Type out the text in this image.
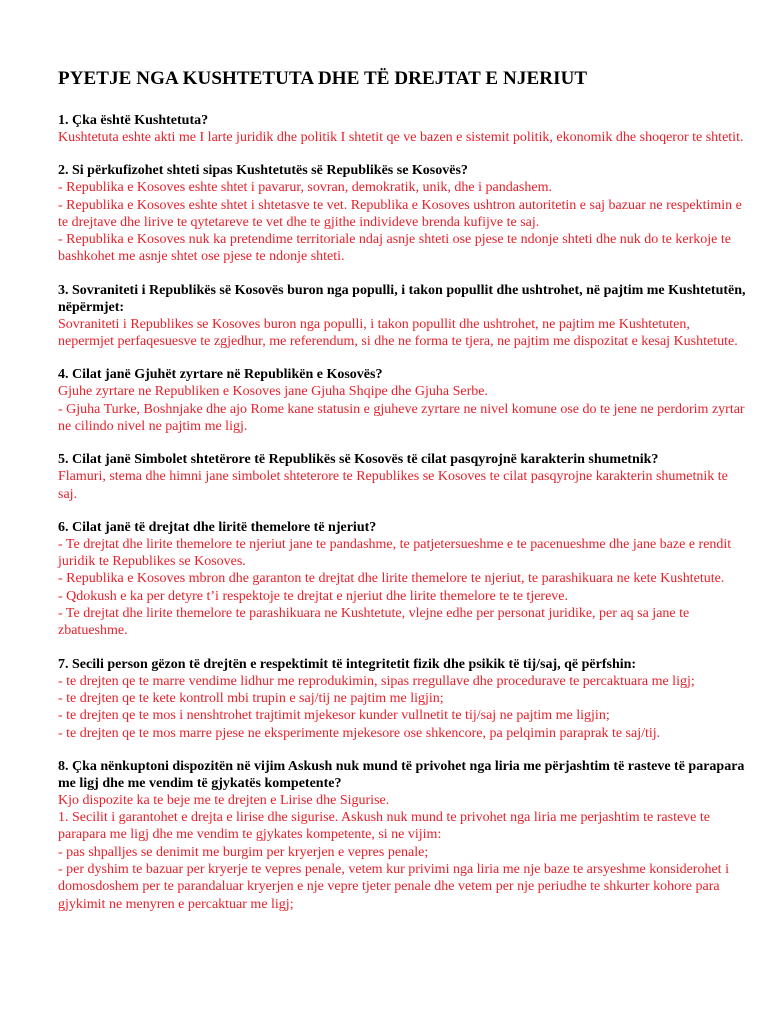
PYETJE NGA KUSHTETUTA DHE TË DREJTAT E NJERIUT

1. Çka është Kushtetuta?

Kushtetuta eshte akti me I larte juridik dhe politik I shtetit qe ve bazen e sistemit politik, ekonomik dhe shoqeror te shtetit.

2. Si përkufizohet shteti sipas Kushtetutës së Republikës se Kosovës?

- Republika e Kosoves eshte shtet i pavarur, sovran, demokratik, unik, dhe i pandashem.

- Republika e Kosoves eshte shtet i shtetasve te vet. Republika e Kosoves ushtron autoritetin e saj bazuar ne respektimin e te drejtave dhe lirive te qytetareve te vet dhe te gjithe individeve brenda kufijve te saj.

- Republika e Kosoves nuk ka pretendime territoriale ndaj asnje shteti ose pjese te ndonje shteti dhe nuk do te kerkoje te bashkohet me asnje shtet ose pjese te ndonje shteti.

3. Sovraniteti i Republikës së Kosovës buron nga populli, i takon popullit dhe ushtrohet, në pajtim me Kushtetutën, nëpërmjet:

Sovraniteti i Republikes se Kosoves buron nga populli, i takon popullit dhe ushtrohet, ne pajtim me Kushtetuten, nepermjet perfaqesuesve te zgjedhur, me referendum, si dhe ne forma te tjera, ne pajtim me dispozitat e kesaj Kushtetute.

4. Cilat janë Gjuhët zyrtare në Republikën e Kosovës?

Gjuhe zyrtare ne Republiken e Kosoves jane Gjuha Shqipe dhe Gjuha Serbe.

- Gjuha Turke, Boshnjake dhe ajo Rome kane statusin e gjuheve zyrtare ne nivel komune ose do te jene ne perdorim zyrtar ne cilindo nivel ne pajtim me ligj.

5. Cilat janë Simbolet shtetërore të Republikës së Kosovës të cilat pasqyrojnë karakterin shumetnik?

Flamuri, stema dhe himni jane simbolet shteterore te Republikes se Kosoves te cilat pasqyrojne karakterin shumetnik te saj.

6. Cilat janë të drejtat dhe liritë themelore të njeriut?

- Te drejtat dhe lirite themelore te njeriut jane te pandashme, te patjetersueshme e te pacenueshme dhe jane baze e rendit juridik te Republikes se Kosoves.

- Republika e Kosoves mbron dhe garanton te drejtat dhe lirite themelore te njeriut, te parashikuara ne kete Kushtetute.

- Qdokush e ka per detyre t’i respektoje te drejtat e njeriut dhe lirite themelore te te tjereve.

- Te drejtat dhe lirite themelore te parashikuara ne Kushtetute, vlejne edhe per personat juridike, per aq sa jane te zbatueshme.

7. Secili person gëzon të drejtën e respektimit të integritetit fizik dhe psikik të tij/saj, që përfshin:

- te drejten qe te marre vendime lidhur me reprodukimin, sipas rregullave dhe procedurave te percaktuara me ligj;

- te drejten qe te kete kontroll mbi trupin e saj/tij ne pajtim me ligjin;

- te drejten qe te mos i nenshtrohet trajtimit mjekesor kunder vullnetit te tij/saj ne pajtim me ligjin;

- te drejten qe te mos marre pjese ne eksperimente mjekesore ose shkencore, pa pelqimin paraprak te saj/tij.

8. Çka nënkuptoni dispozitën në vijim Askush nuk mund të privohet nga liria me përjashtim të rasteve të parapara me ligj dhe me vendim të gjykatës kompetente?

Kjo dispozite ka te beje me te drejten e Lirise dhe Sigurise.

1. Secilit i garantohet e drejta e lirise dhe sigurise. Askush nuk mund te privohet nga liria me perjashtim te rasteve te parapara me ligj dhe me vendim te gjykates kompetente, si ne vijim:

- pas shpalljes se denimit me burgim per kryerjen e vepres penale;

- per dyshim te bazuar per kryerje te vepres penale, vetem kur privimi nga liria me nje baze te arsyeshme konsiderohet i domosdoshem per te parandaluar kryerjen e nje vepre tjeter penale dhe vetem per nje periudhe te shkurter kohore para gjykimit ne menyren e percaktuar me ligj;
